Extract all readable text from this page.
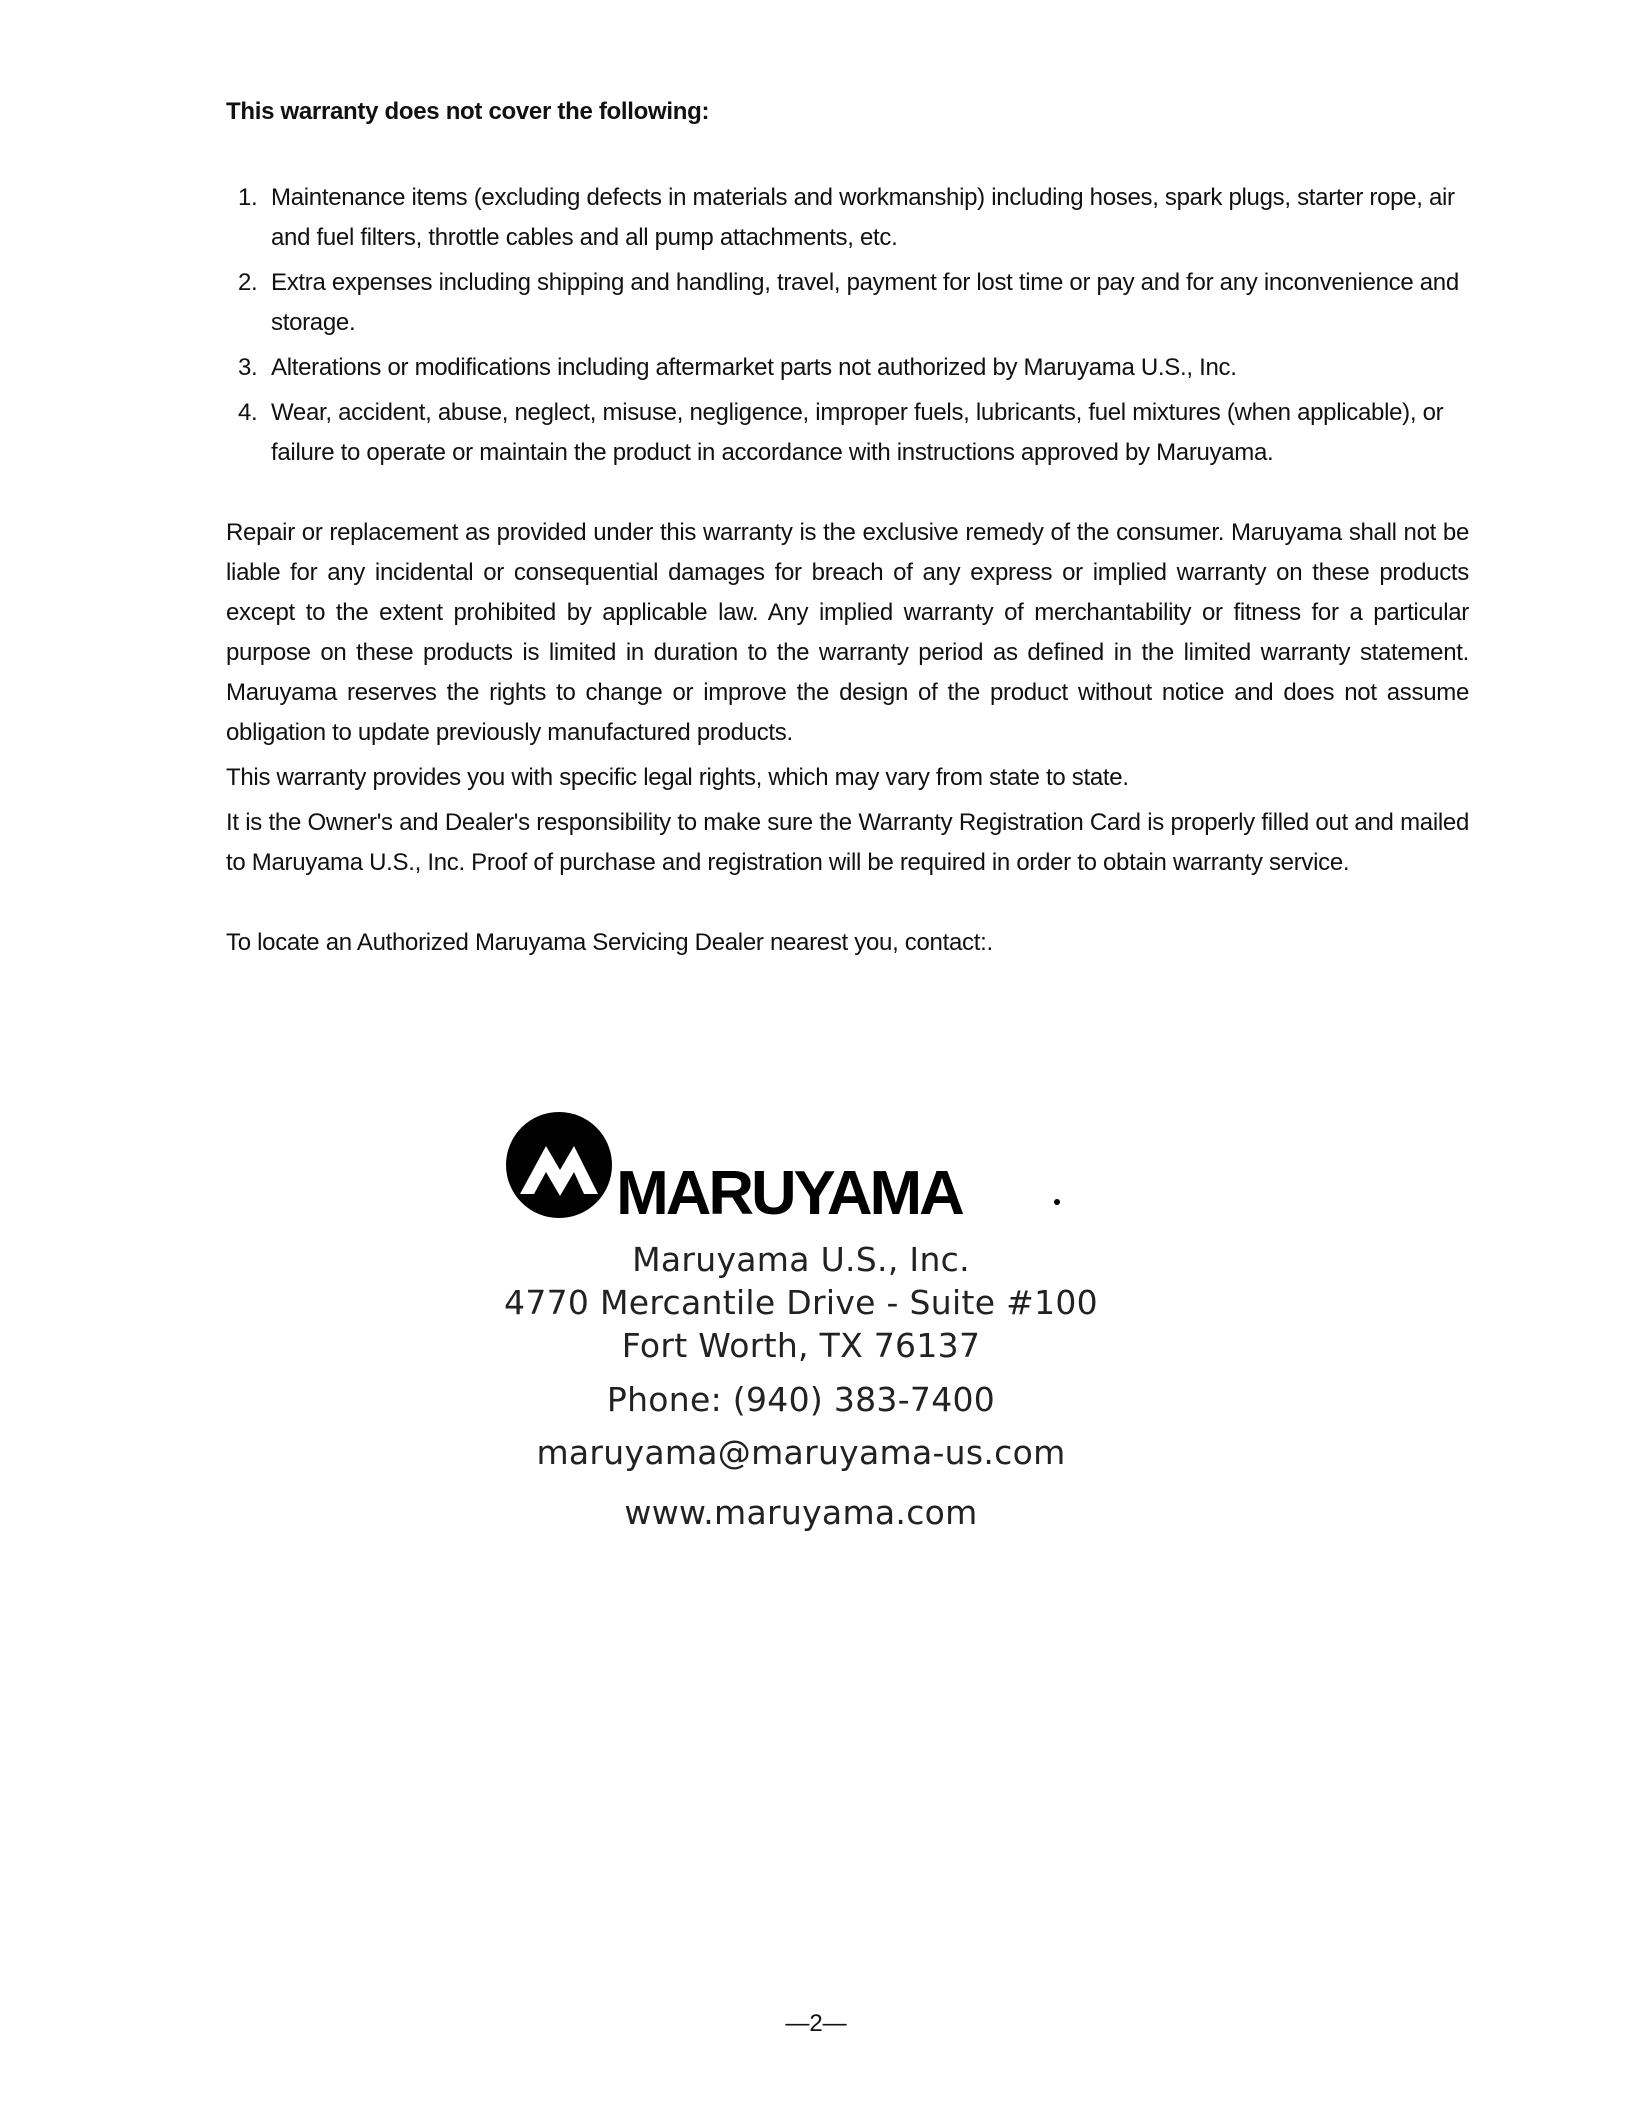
This warranty does not cover the following:
1. Maintenance items (excluding defects in materials and workmanship) including hoses, spark plugs, starter rope, air and fuel filters, throttle cables and all pump attachments, etc.
2. Extra expenses including shipping and handling, travel, payment for lost time or pay and for any inconvenience and storage.
3. Alterations or modifications including aftermarket parts not authorized by Maruyama U.S., Inc.
4. Wear, accident, abuse, neglect, misuse, negligence, improper fuels, lubricants, fuel mixtures (when applicable), or failure to operate or maintain the product in accordance with instructions approved by Maruyama.

Repair or replacement as provided under this warranty is the exclusive remedy of the consumer. Maruyama shall not be liable for any incidental or consequential damages for breach of any express or implied warranty on these products except to the extent prohibited by applicable law. Any implied warranty of merchantability or fitness for a particular purpose on these products is limited in duration to the warranty period as defined in the limited warranty statement. Maruyama reserves the rights to change or improve the design of the product without notice and does not assume obligation to update previously manufactured products.

This warranty provides you with specific legal rights, which may vary from state to state.

It is the Owner's and Dealer's responsibility to make sure the Warranty Registration Card is properly filled out and mailed to Maruyama U.S., Inc. Proof of purchase and registration will be required in order to obtain warranty service.

To locate an Authorized Maruyama Servicing Dealer nearest you, contact:.

MARUYAMA
Maruyama U.S., Inc.
4770 Mercantile Drive - Suite #100
Fort Worth, TX 76137
Phone: (940) 383-7400
maruyama@maruyama-us.com
www.maruyama.com
—2—
